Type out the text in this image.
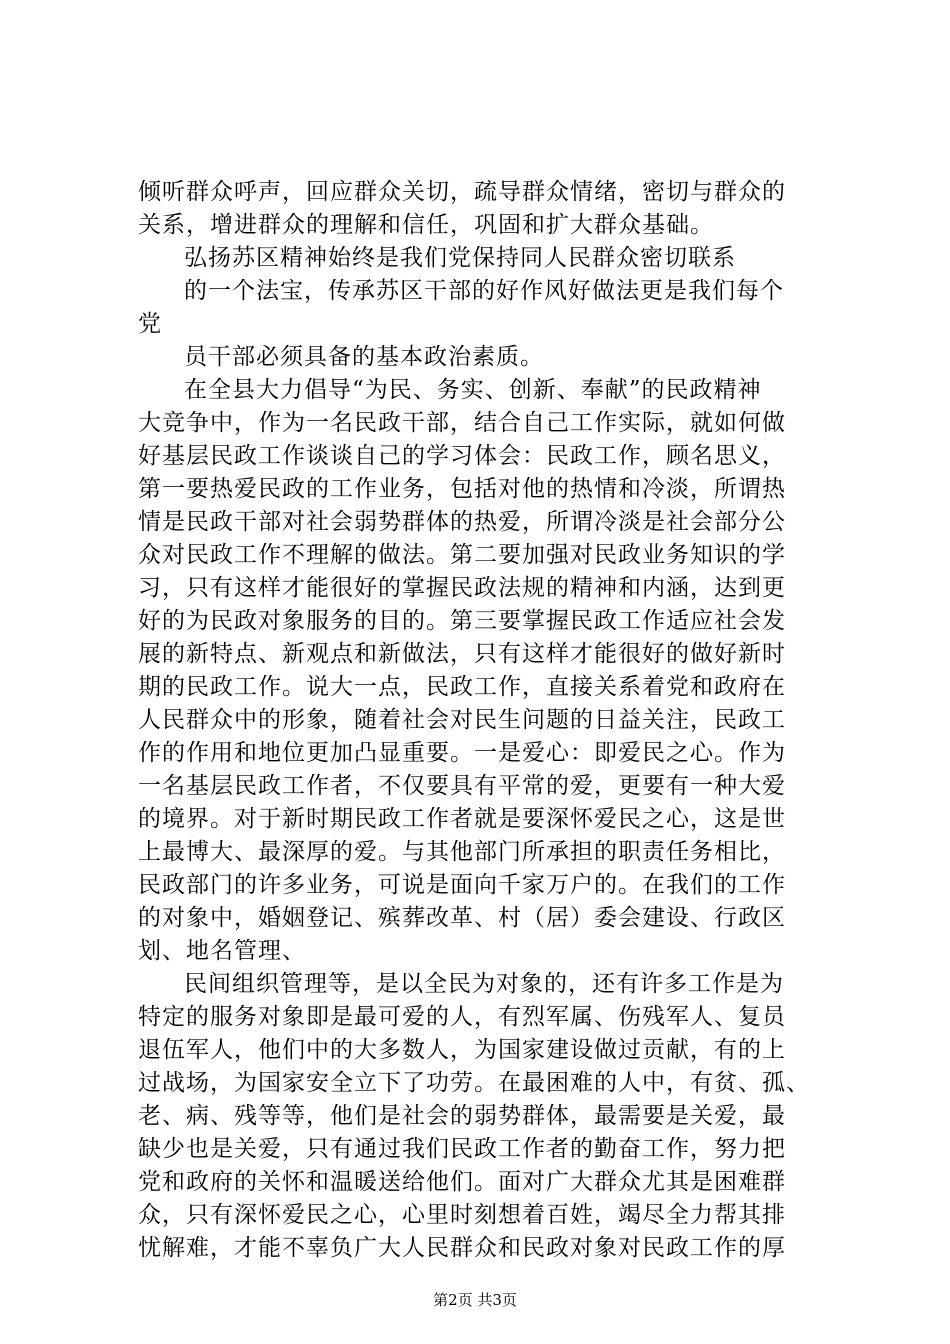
倾听群众呼声，回应群众关切，疏导群众情绪，密切与群众的
关系，增进群众的理解和信任，巩固和扩大群众基础。
弘扬苏区精神始终是我们党保持同人民群众密切联系
的一个法宝，传承苏区干部的好作风好做法更是我们每个
党
员干部必须具备的基本政治素质。
在全县大力倡导“为民、务实、创新、奉献”的民政精神
大竞争中，作为一名民政干部，结合自己工作实际，就如何做
好基层民政工作谈谈自己的学习体会：民政工作，顾名思义，
第一要热爱民政的工作业务，包括对他的热情和冷淡，所谓热
情是民政干部对社会弱势群体的热爱，所谓冷淡是社会部分公
众对民政工作不理解的做法。第二要加强对民政业务知识的学
习，只有这样才能很好的掌握民政法规的精神和内涵，达到更
好的为民政对象服务的目的。第三要掌握民政工作适应社会发
展的新特点、新观点和新做法，只有这样才能很好的做好新时
期的民政工作。说大一点，民政工作，直接关系着党和政府在
人民群众中的形象，随着社会对民生问题的日益关注，民政工
作的作用和地位更加凸显重要。一是爱心：即爱民之心。作为
一名基层民政工作者，不仅要具有平常的爱，更要有一种大爱
的境界。对于新时期民政工作者就是要深怀爱民之心，这是世
上最博大、最深厚的爱。与其他部门所承担的职责任务相比，
民政部门的许多业务，可说是面向千家万户的。在我们的工作
的对象中，婚姻登记、殡葬改革、村（居）委会建设、行政区
划、地名管理、
民间组织管理等，是以全民为对象的，还有许多工作是为
特定的服务对象即是最可爱的人，有烈军属、伤残军人、复员
退伍军人，他们中的大多数人，为国家建设做过贡献，有的上
过战场，为国家安全立下了功劳。在最困难的人中，有贫、孤、
老、病、残等等，他们是社会的弱势群体，最需要是关爱，最
缺少也是关爱，只有通过我们民政工作者的勤奋工作，努力把
党和政府的关怀和温暖送给他们。面对广大群众尤其是困难群
众，只有深怀爱民之心，心里时刻想着百姓，竭尽全力帮其排
忧解难，才能不辜负广大人民群众和民政对象对民政工作的厚
第2页 共3页
